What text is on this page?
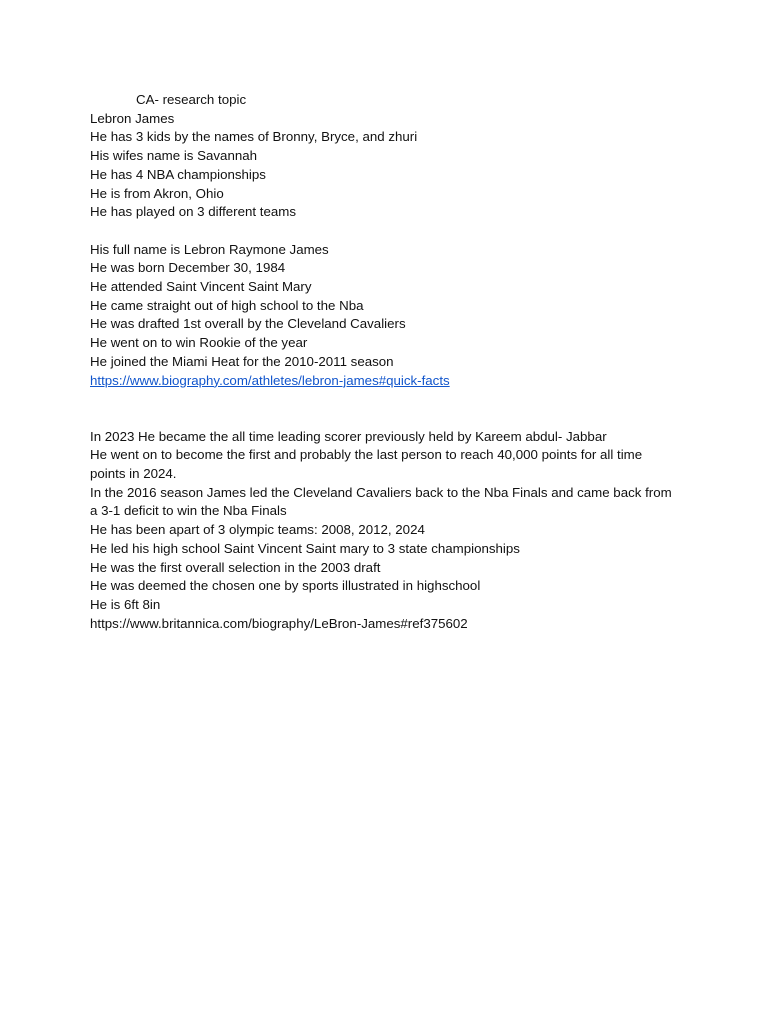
CA- research topic

Lebron James

He has 3 kids by the names of Bronny, Bryce, and zhuri

His wifes name is Savannah

He has 4 NBA championships

He is from Akron, Ohio

He has played on 3 different teams

His full name is Lebron Raymone James

He was born December 30, 1984

He attended Saint Vincent Saint Mary

He came straight out of high school to the Nba

He was drafted 1st overall by the Cleveland Cavaliers

He went on to win Rookie of the year

He joined the Miami Heat for the 2010-2011 season

https://www.biography.com/athletes/lebron-james#quick-facts

In 2023 He became the all time leading scorer previously held by Kareem abdul- Jabbar

He went on to become the first and probably the last person to reach 40,000 points for all time points in 2024.

In the 2016 season James led the Cleveland Cavaliers back to the Nba Finals and came back from a 3-1 deficit to win the Nba Finals

He has been apart of 3 olympic teams: 2008, 2012, 2024

He led his high school Saint Vincent Saint mary to 3 state championships

He was the first overall selection in the 2003 draft

He was deemed the chosen one by sports illustrated in highschool

He is 6ft 8in

https://www.britannica.com/biography/LeBron-James#ref375602
